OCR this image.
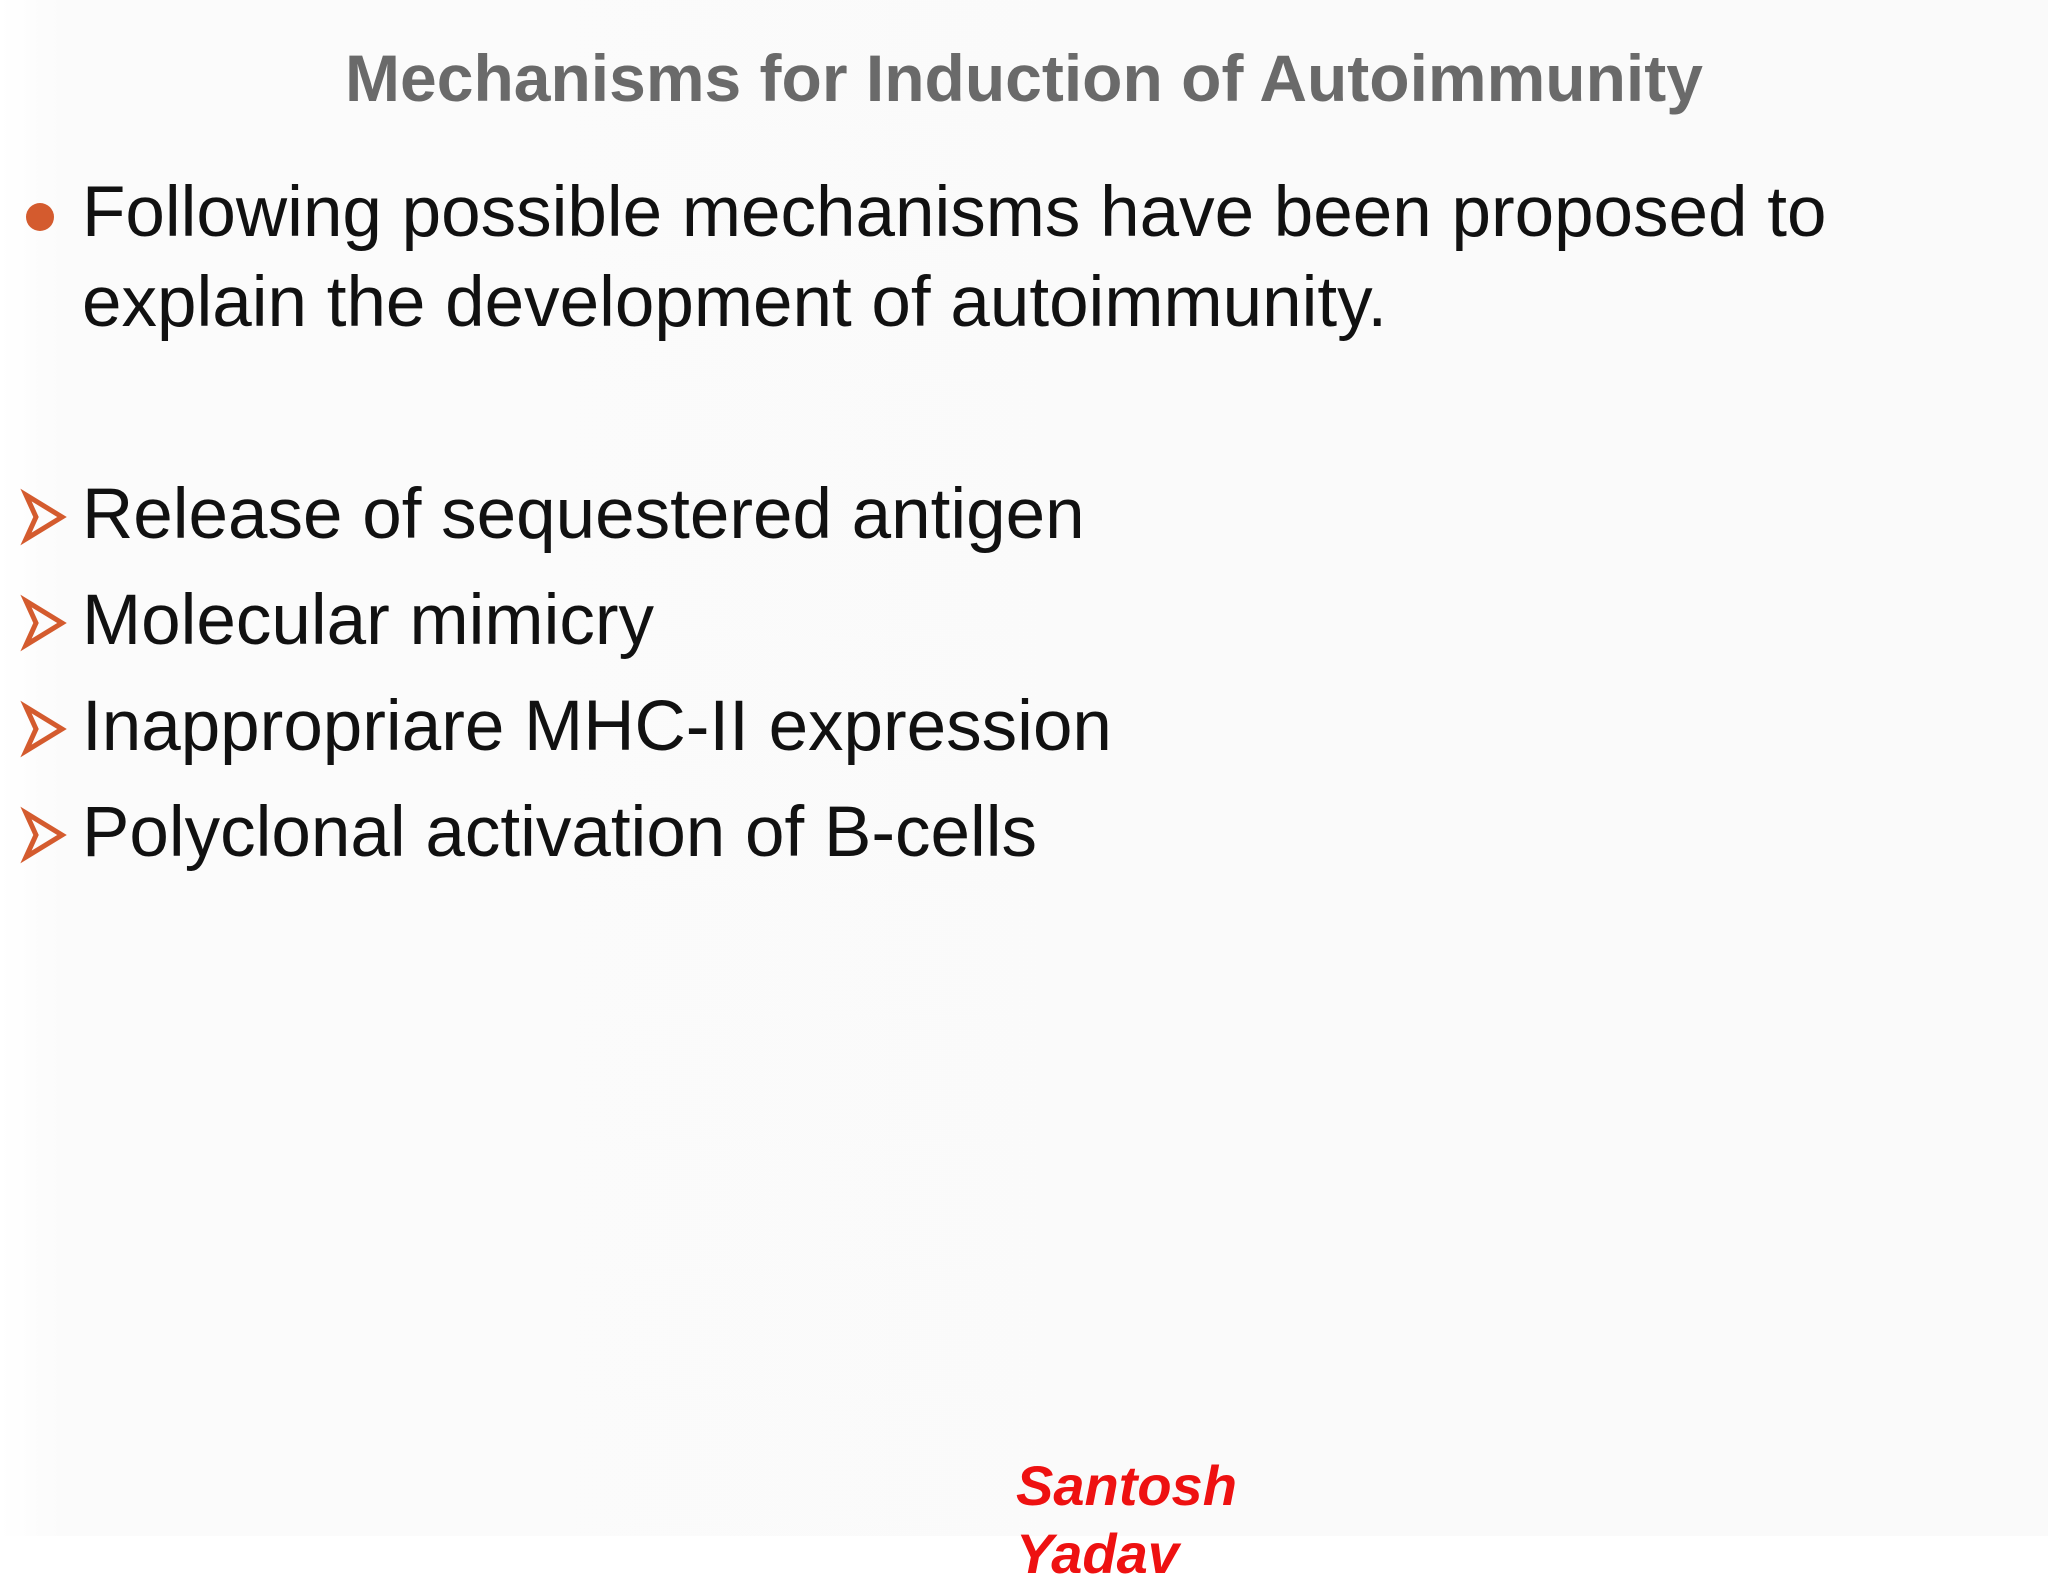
Mechanisms for Induction of Autoimmunity
Following possible mechanisms have been proposed to explain the development of autoimmunity.
Release of sequestered antigen
Molecular mimicry
Inappropriare MHC-II expression
Polyclonal activation of B-cells
Santosh Yadav
